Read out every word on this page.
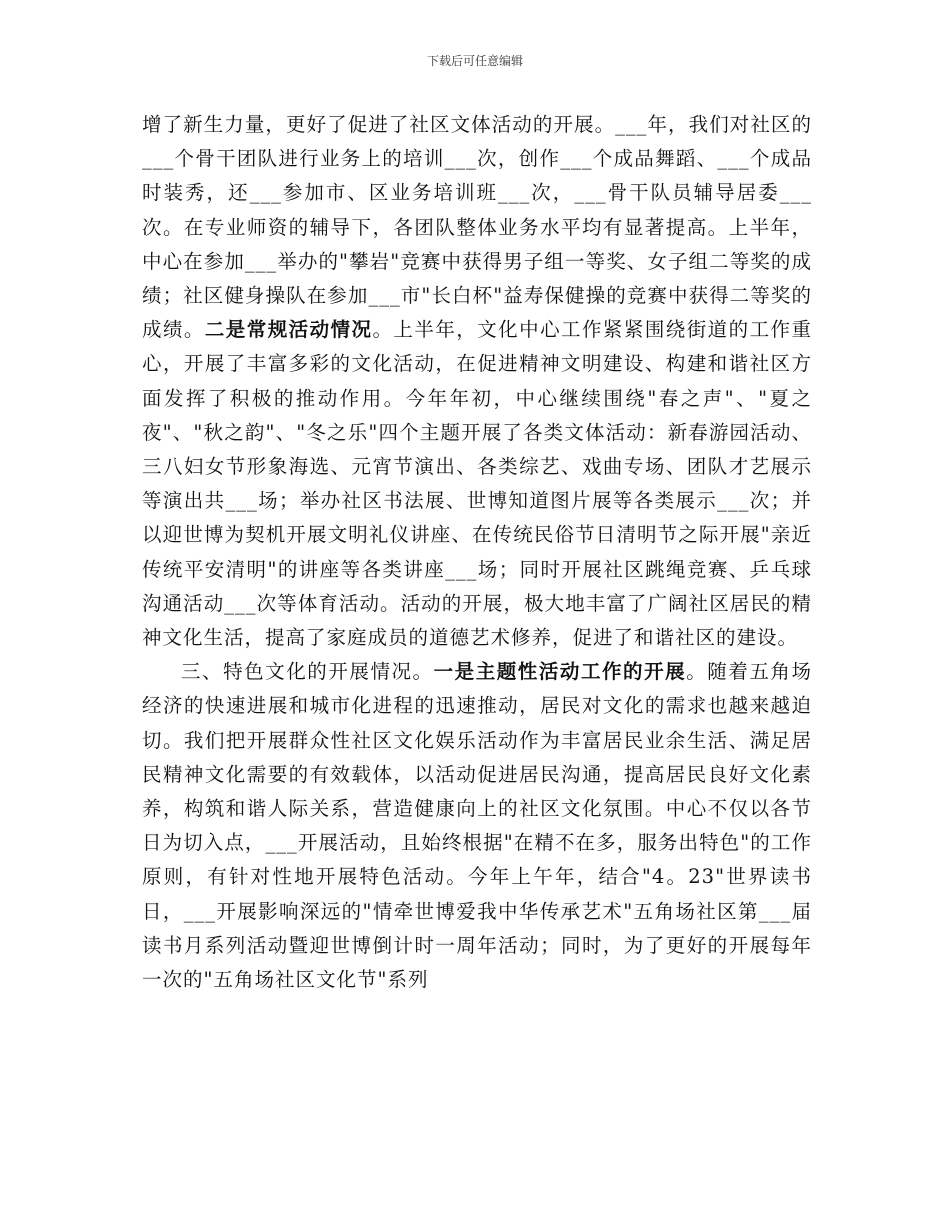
下载后可任意编辑

增了新生力量，更好了促进了社区文体活动的开展。___年，我们对社区的___个骨干团队进行业务上的培训___次，创作___个成品舞蹈、___个成品时装秀，还___参加市、区业务培训班___次，___骨干队员辅导居委___次。在专业师资的辅导下，各团队整体业务水平均有显著提高。上半年，中心在参加___举办的"攀岩"竞赛中获得男子组一等奖、女子组二等奖的成绩；社区健身操队在参加___市"长白杯"益寿保健操的竞赛中获得二等奖的成绩。二是常规活动情况。上半年，文化中心工作紧紧围绕街道的工作重心，开展了丰富多彩的文化活动，在促进精神文明建设、构建和谐社区方面发挥了积极的推动作用。今年年初，中心继续围绕"春之声"、"夏之夜"、"秋之韵"、"冬之乐"四个主题开展了各类文体活动：新春游园活动、三八妇女节形象海选、元宵节演出、各类综艺、戏曲专场、团队才艺展示等演出共___场；举办社区书法展、世博知道图片展等各类展示___次；并以迎世博为契机开展文明礼仪讲座、在传统民俗节日清明节之际开展"亲近传统平安清明"的讲座等各类讲座___场；同时开展社区跳绳竞赛、乒乓球沟通活动___次等体育活动。活动的开展，极大地丰富了广阔社区居民的精神文化生活，提高了家庭成员的道德艺术修养，促进了和谐社区的建设。

三、特色文化的开展情况。一是主题性活动工作的开展。随着五角场经济的快速进展和城市化进程的迅速推动，居民对文化的需求也越来越迫切。我们把开展群众性社区文化娱乐活动作为丰富居民业余生活、满足居民精神文化需要的有效载体，以活动促进居民沟通，提高居民良好文化素养，构筑和谐人际关系，营造健康向上的社区文化氛围。中心不仅以各节日为切入点，___开展活动，且始终根据"在精不在多，服务出特色"的工作原则，有针对性地开展特色活动。今年上午年，结合"4。23"世界读书日，___开展影响深远的"情牵世博爱我中华传承艺术"五角场社区第___届读书月系列活动暨迎世博倒计时一周年活动；同时，为了更好的开展每年一次的"五角场社区文化节"系列
